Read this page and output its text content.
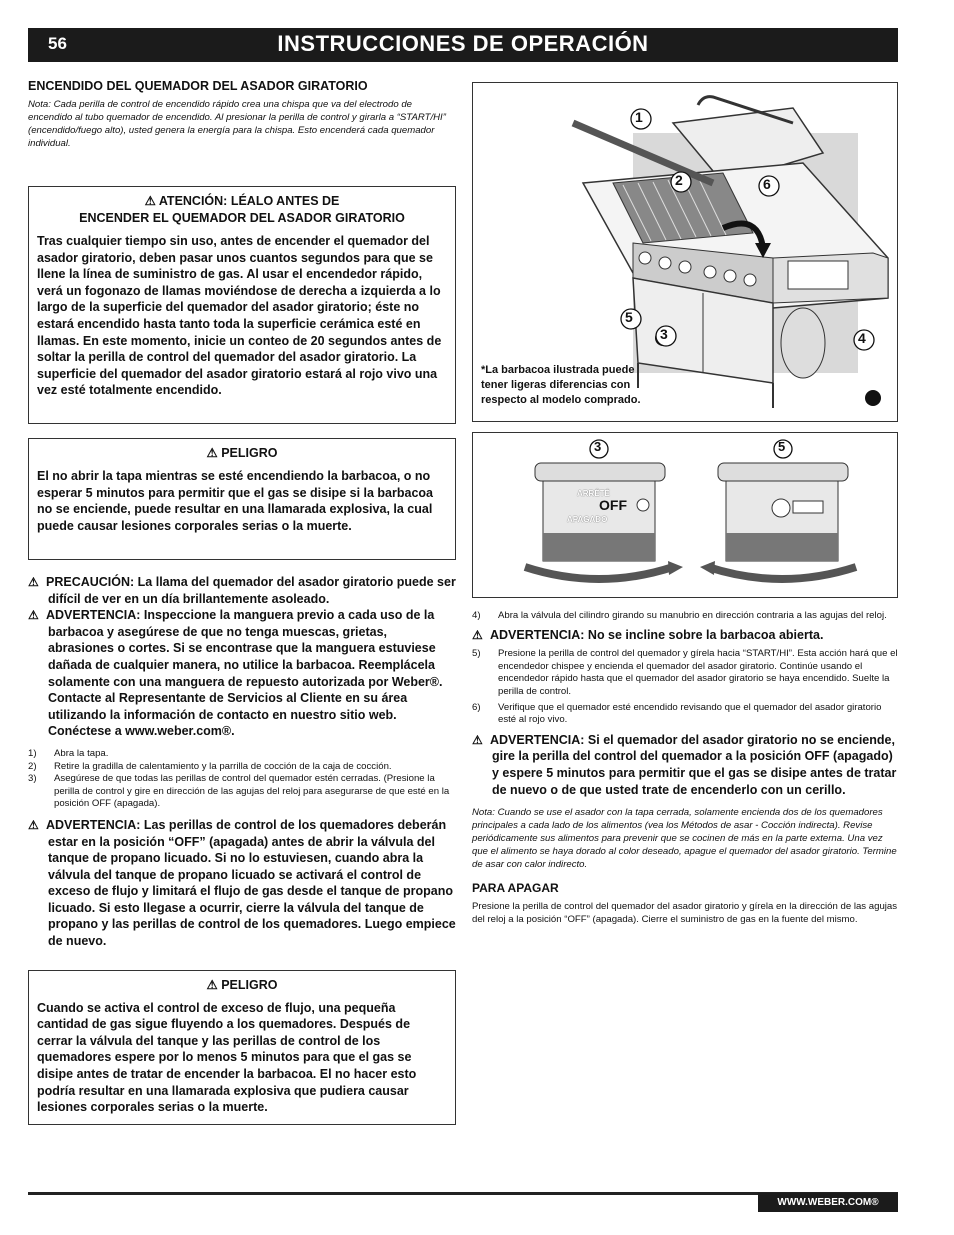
56	INSTRUCCIONES DE OPERACIÓN
ENCENDIDO DEL QUEMADOR DEL ASADOR GIRATORIO
Nota: Cada perilla de control de encendido rápido crea una chispa que va del electrodo de encendido al tubo quemador de encendido. Al presionar la perilla de control y girarla a “START/HI” (encendido/fuego alto), usted genera la energía para la chispa. Esto encenderá cada quemador individual.
⚠ ATENCIÓN: LÉALO ANTES DE
ENCENDER EL QUEMADOR DEL ASADOR GIRATORIO
Tras cualquier tiempo sin uso, antes de encender el quemador del asador giratorio, deben pasar unos cuantos segundos para que se llene la línea de suministro de gas. Al usar el encendedor rápido, verá un fogonazo de llamas moviéndose de derecha a izquierda a lo largo de la superficie del quemador del asador giratorio; éste no estará encendido hasta tanto toda la superficie cerámica esté en llamas. En este momento, inicie un conteo de 20 segundos antes de soltar la perilla de control del quemador del asador giratorio. La superficie del quemador del asador giratorio estará al rojo vivo una vez esté totalmente encendido.
⚠ PELIGRO
El no abrir la tapa mientras se esté encendiendo la barbacoa, o no esperar 5 minutos para permitir que el gas se disipe si la barbacoa no se enciende, puede resultar en una llamarada explosiva, la cual puede causar lesiones corporales serias o la muerte.
⚠ PRECAUCIÓN: La llama del quemador del asador giratorio puede ser difícil de ver en un día brillantemente asoleado.
⚠ ADVERTENCIA: Inspeccione la manguera previo a cada uso de la barbacoa y asegúrese de que no tenga muescas, grietas, abrasiones o cortes. Si se encontrase que la manguera estuviese dañada de cualquier manera, no utilice la barbacoa. Reemplácela solamente con una manguera de repuesto autorizada por Weber®. Contacte al Representante de Servicios al Cliente en su área utilizando la información de contacto en nuestro sitio web.
Conéctese a www.weber.com®.
1)	Abra la tapa.
2)	Retire la gradilla de calentamiento y la parrilla de cocción de la caja de cocción.
3)	Asegúrese de que todas las perillas de control del quemador estén cerradas. (Presione la perilla de control y gire en dirección de las agujas del reloj para asegurarse de que esté en la posición OFF (apagada).
⚠ ADVERTENCIA: Las perillas de control de los quemadores deberán estar en la posición “OFF” (apagada) antes de abrir la válvula del tanque de propano licuado. Si no lo estuviesen, cuando abra la válvula del tanque de propano licuado se activará el control de exceso de flujo y limitará el flujo de gas desde el tanque de propano licuado. Si esto llegase a ocurrir, cierre la válvula del tanque de propano y las perillas de control de los quemadores. Luego empiece de nuevo.
⚠ PELIGRO
Cuando se activa el control de exceso de flujo, una pequeña cantidad de gas sigue fluyendo a los quemadores. Después de cerrar la válvula del tanque y las perillas de control de los quemadores espere por lo menos 5 minutos para que el gas se disipe antes de tratar de encender la barbacoa. El no hacer esto podría resultar en una llamarada explosiva que pudiera causar lesiones corporales serias o la muerte.
1
2	6
5
3	4
*La barbacoa ilustrada puede tener ligeras diferencias con respecto al modelo comprado.
3	5
ARRÊTÉ
OFF
APAGADO
4)	Abra la válvula del cilindro girando su manubrio en dirección contraria a las agujas del reloj.
⚠ ADVERTENCIA: No se incline sobre la barbacoa abierta.
5)	Presione la perilla de control del quemador y gírela hacia “START/HI”. Esta acción hará que el encendedor chispee y encienda el quemador del asador giratorio. Continúe usando el encendedor rápido hasta que el quemador del asador giratorio se haya encendido. Suelte la perilla de control.
6)	Verifique que el quemador esté encendido revisando que el quemador del asador giratorio esté al rojo vivo.
⚠ ADVERTENCIA: Si el quemador del asador giratorio no se enciende, gire la perilla del control del quemador a la posición OFF (apagado) y espere 5 minutos para permitir que el gas se disipe antes de tratar de nuevo o de que usted trate de encenderlo con un cerillo.
Nota: Cuando se use el asador con la tapa cerrada, solamente encienda dos de los quemadores principales a cada lado de los alimentos (vea los Métodos de asar - Cocción indirecta). Revise periódicamente sus alimentos para prevenir que se cocinen de más en la parte externa. Una vez que el alimento se haya dorado al color deseado, apague el quemador del asador giratorio. Termine de asar con calor indirecto.
PARA APAGAR
Presione la perilla de control del quemador del asador giratorio y gírela en la dirección de las agujas del reloj a la posición “OFF” (apagada). Cierre el suministro de gas en la fuente del mismo.
WWW.WEBER.COM®
